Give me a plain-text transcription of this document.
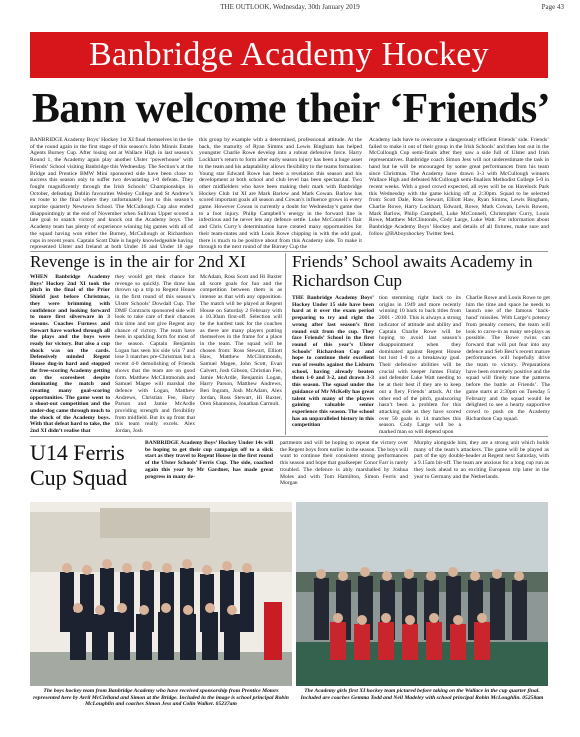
THE OUTLOOK, Wednesday, 30th January 2019	Page 43
Banbridge Academy Hockey
Bann welcome their ‘Friends’

BANBRIDGE Academy Boys’ Hockey 1st XI final themselves in the tie of the round again in the first stage of this season’s John Minnis Estate Agents Burney Cup. After losing out at Wallace High in last season’s Round 1, the Academy again play another Ulster ‘powerhouse’ with Friends’ School visiting Banbridge this Wednesday. The Section’s at the Bridge and Prentice BMW Mini sponsored side have been close to success this season only to suffer two devastating 1-0 defeats. They fought magnificently through the Irish Schools’ Championships in October, defeating Dublin favourites Wesley College and St Andrew’s en route to the final where they unfortunately lost to this season’s surprise quarterly Newtown School. The McCullough Cup also ended disappointingly at the end of November when Sullivan Upper scored a late goal to snatch victory and knock out the Academy boys. The Academy team has plenty of experience winning big games with all of the squad having won either the Burney, McCullough or Richardson cups in recent years. Captain Scott Dale is hugely knowledgeable having represented Ulster and Ireland at both Under 16 and Under 18 age

this group by example with a determined, professional attitude. At the back, the maturity of Ryan Simms and Lewis Bingham has helped youngster Charlie Rowe develop into a robust defensive force. Harry Lockhart’s return to form after early season injury has been a huge asset to the team and his adaptability allows flexibility to the teams formation. Young star Edward Rowe has been a revelation this season and his development at both school and club level has been spectacular. Two other midfielders who have been making their mark with Banbridge Hockey Club 1st XI are Mark Barlow and Mark Cowan. Barlow has scored important goals all season and Cowan’s influence grows in every game. However Cowan is currently a doubt for Wednesday’s game due to a foot injury. Philip Campbell’s energy in the forward line is infectious and he never lets any defence settle. Luke McConnell’s flair and Chris Curry’s determination have created many opportunities for their team-mates and with Louis Rowe chipping in with the odd goal, there is much to be positive about from this Academy side. To make it through to the next round of the Burney Cup the

Academy lads have to overcome a dangerously efficient Friends’ side. Friends’ failed to make it out of their group in the Irish Schools’ and then lost out in the McCullough Cup semi-finals after they saw a side full of Ulster and Irish representatives. Banbridge coach Simon Jess will not underestimate the task in hand but he will be encouraged by some great performances from his team since Christmas. The Academy have drawn 3-3 with McCullough winners Wallace High and defeated McCullough semi-finalists Methodist College 5-0 in recent weeks. With a good crowd expected, all eyes will be on Havelock Park this Wednesday with the game kicking off at 2:30pm. Squad to be selected from: Scott Dale, Ross Stewart, Elliott Haw, Ryan Simms, Lewis Bingham, Charlie Rowe, Harry Lockhart, Edward, Rowe, Mark Cowan, Lewis Rowen, Mark Barlow, Philip Campbell, Luke McConnell, Christopher Curry, Louis Rowe, Matthew McClintonds, Cody Large, Luke Watt. For information about Banbridge Academy Boys’ Hockey and details of all fixtures, make sure and follow @BAboyshockey Twitter feed.

Revenge is in the air for 2nd XI

WHEN Banbridge Academy Boys’ Hockey 2nd XI took the pitch in the final of the Prior Shield just before Christmas, they were brimming with confidence and looking forward to more first silverware in 3 seasons. Coaches Furness and Stewart have worked through all the plays and the boys were ready for victory. But also a cup shock was on the cards. Defensively minded Regent House dug-in hard and stopped the free-scoring Academy getting on the scoresheet despite dominating the match and creating many goal-scoring opportunities. The game went to a shoot-out competition and the under-dog came through much to the shock of the Academy boys. With that defeat hard to take, the 2nd XI didn’t realise that

they would get their chance for revenge so quickly. The draw has thrown up a trip to Regent House in the first round of this season’s Ulster Schools’ Dowdall Cup. The DMF Contracts sponsored side will look to take care of their chances this time and not give Regent any chance of victory. The team have been in sparkling form for most of the season. Captain Benjamin Logan has seen his side win 7 and lose 3 matches pre-Christmas but a recent 4-0 demolishing of Friends shows that the team are on good form. Matthew McClintmonds and Samuel Magee will marshal the defence with Logan, Matthew Andrews, Christian Fee, Harry Parson and Jamie McArdle providing strength and flexibility from midfield. But its up front that this team really excels. Alex Jordan, Josh

McAdam, Ross Scott and Hi Baxter all score goals for fun and the competition between them is as intense as that with any opposition. The match will be played at Regent House on Saturday 2 February with a 10.30am first-off. Selection will be the hardest task for the coaches as there are many players putting themselves in the frame for a place in the team. The squad will be chosen from: Ross Stewart, Elliott Haw, Matthew McClintmonds, Samuel Magee, John Scott, Evan Calvert, Josh Gibson, Christian Fee, Jamie McArdle, Benjamin Logan, Harry Parson, Matthew Andrews, Ben Ingram, Josh McAdam, Alex Jordan, Ross Stewart, Hi Baxter, Oren Shanmons, Jonathan Carmult.

Friends’ School awaits Academy in Richardson Cup

THE Banbridge Academy Boys’ Hockey Under 15 side have been hard at it over the exam period preparing to try and right the wrong after last season’s first round exit from the cup. They face Friends’ School in the first round of this year’s Ulster Schools’ Richardson Cup and hope to continue their excellent run of results against the Lisburn school, having already beaten them 1-0 and 3-2, and drawn 3-3 this season. The squad under the guidance of Mr McKelly has great talent with many of the players gaining valuable senior experience this season. The school has an unparalleled history in this competition

tion stemming right back to its origins in 1949 and more recently winning 10 back to back titles from 2001 - 2010. This is always a strong indicator of attitude and ability and Captain Charlie Rowe will be hoping to avoid last season’s disappointment when they dominated against Regent House but lost 1-0 to a breakaway goal. Their defensive abilities will be crucial with keeper James Finlay and defender Luke Watt needing to be at their best if they are to keep out a fiery Friends’ attack. At the other end of the pitch, goalscoring hasn’t been a problem for this attacking side as they have scored over 50 goals in 14 matches this season. Cody Large will be a marked man so will depend upon

Charlie Rowe and Louis Rowe to get him the time and space he needs to launch one of the famous ‘back-hand’ missiles. With Large’s potency from penalty corners, the team will look to carve-in as many set-plays as possible. The Rowe twins can forward that will put fear into any defence and Seb Best’s recent mature performances will hopefully drive the team to victory. Preparations have been extremely positive and the squad will finely tune the patterns before the battle at Friends’. The game starts at 2:30pm on Tuesday 5 February and the squad would be delighted to see a hearty supportive crowd to push on the Academy Richardson Cup squad.

U14 Ferris Cup Squad

BANBRIDGE Academy Boys’ Hockey Under 14s will be hoping to get their cup campaign off to a slick start as they travel to Regent House in the first round of the Ulster Schools’ Ferris Cup. The side, coached again this year by Mr Gardner, has made great progress in many de-

partments and will be hoping to repeat the victory over the Regent boys from earlier in the season. The boys will want to continue their consistent strong performances this season and hope that goalkeeper Conor Farr is rarely troubled. The defence is ably marshalled by Joshua Moles and with Tom Hamilton, Simon Ferris and Morgan

Murphy alongside him, they are a strong unit which holds many of the team’s attackers. The game will be played as part of the spy double-header at Regent next Saturday, with a 9.15am bit-off. The team are anxious for a long cup run as they look ahead to an exciting European trip later in the year to Germany and the Netherlands.

The boys hockey team from Banbridge Academy who have received sponsorship from Prentice Motors represented here by Avril McClelland and Simon at the Bridge. Included in the image is school principal Robin McLoughlin and coaches Simon Jess and Colin Walker. 05237am
The Academy girls first XI hockey team pictured before taking on the Wallace in the cup quarter final. Included are coaches Gemma Todd and Neil Madeley with school principal Robin McLoughlin. 05258am
